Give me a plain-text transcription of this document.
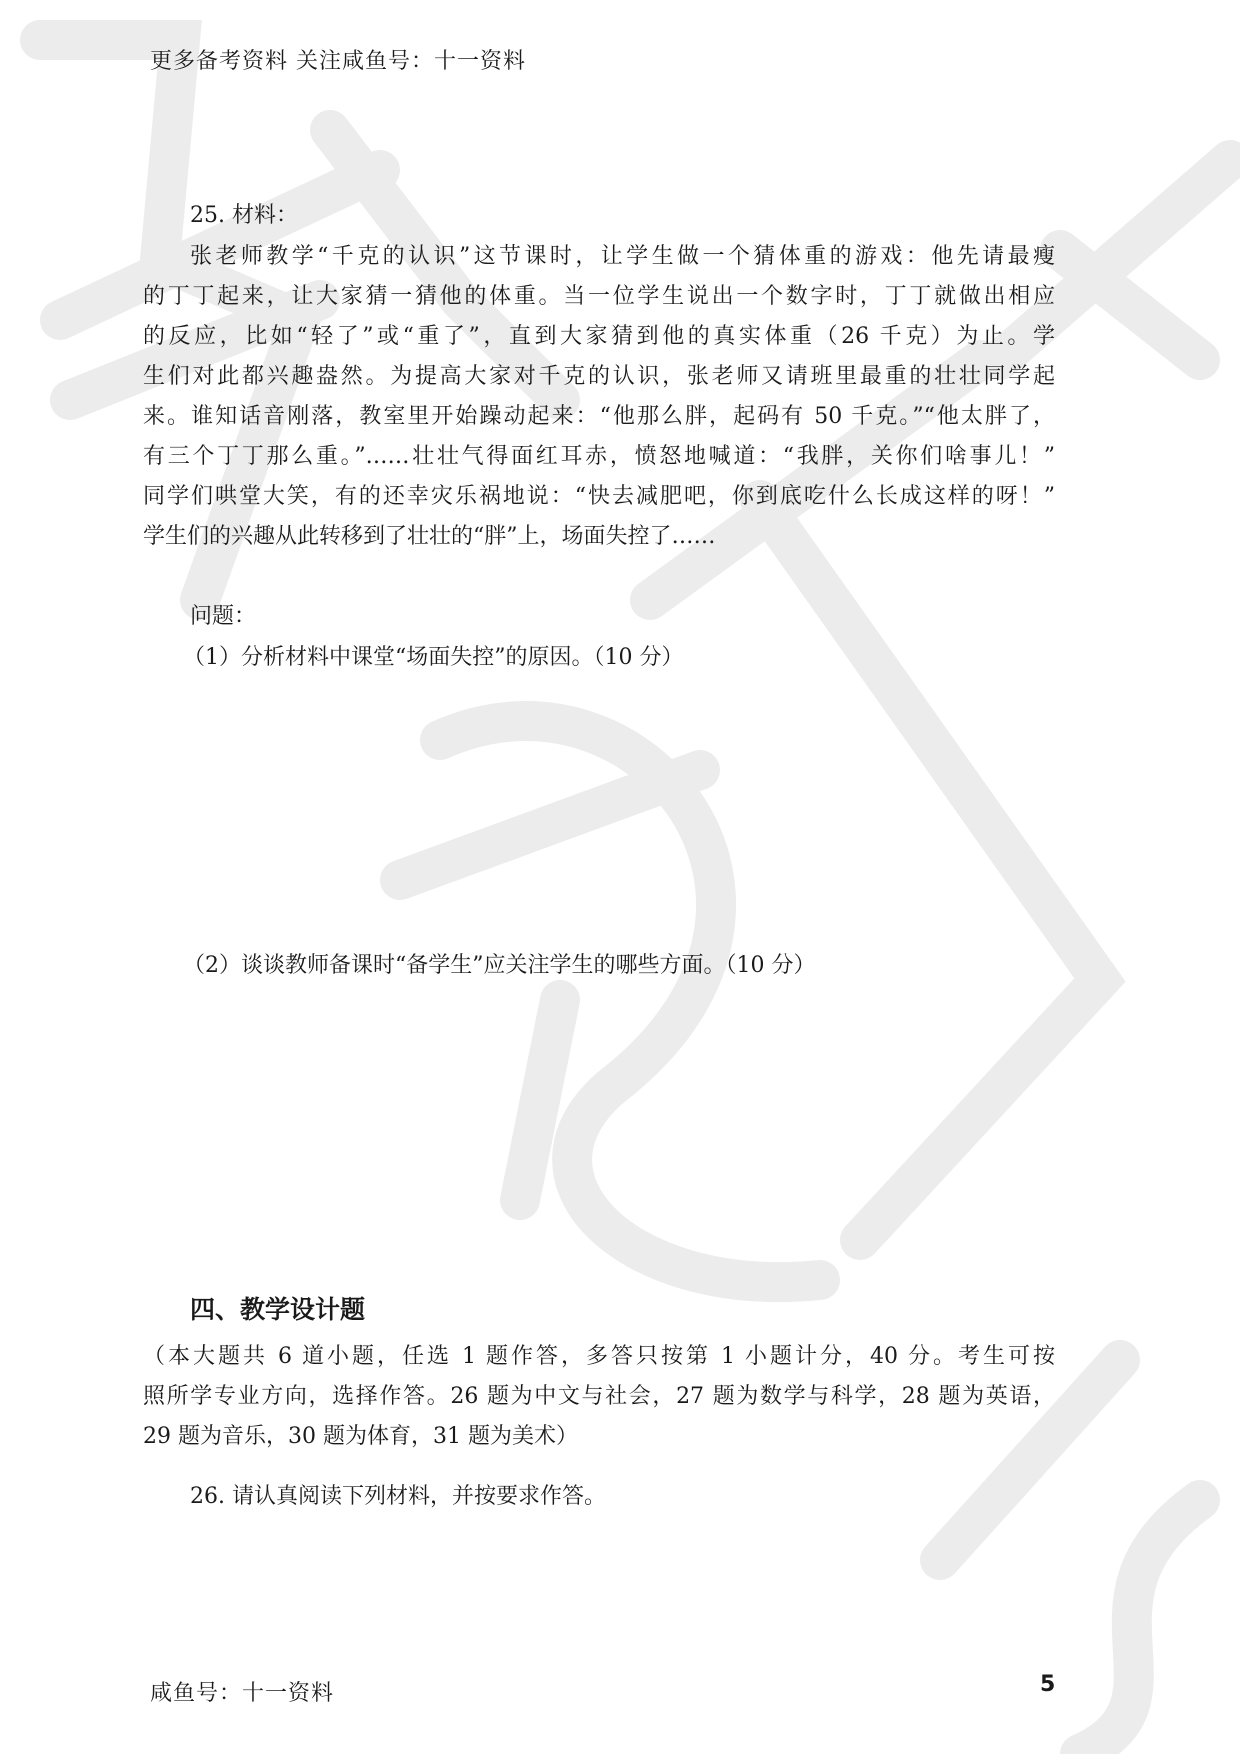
更多备考资料 关注咸鱼号：十一资料
25. 材料：
张老师教学“千克的认识”这节课时，让学生做一个猜体重的游戏：他先请最瘦
的丁丁起来，让大家猜一猜他的体重。当一位学生说出一个数字时，丁丁就做出相应
的反应，比如“轻了”或“重了”，直到大家猜到他的真实体重（26 千克）为止。学
生们对此都兴趣盎然。为提高大家对千克的认识，张老师又请班里最重的壮壮同学起
来。谁知话音刚落，教室里开始躁动起来：“他那么胖，起码有 50 千克。”“他太胖了，
有三个丁丁那么重。”……壮壮气得面红耳赤，愤怒地喊道：“我胖，关你们啥事儿！”
同学们哄堂大笑，有的还幸灾乐祸地说：“快去减肥吧，你到底吃什么长成这样的呀！”
学生们的兴趣从此转移到了壮壮的“胖”上，场面失控了……
问题：
（1）分析材料中课堂“场面失控”的原因。（10 分）
（2）谈谈教师备课时“备学生”应关注学生的哪些方面。（10 分）
四、教学设计题
（本大题共 6 道小题，任选 1 题作答，多答只按第 1 小题计分，40 分。考生可按
照所学专业方向，选择作答。26 题为中文与社会，27 题为数学与科学，28 题为英语，
29 题为音乐，30 题为体育，31 题为美术）
26. 请认真阅读下列材料，并按要求作答。
咸鱼号：十一资料	5
